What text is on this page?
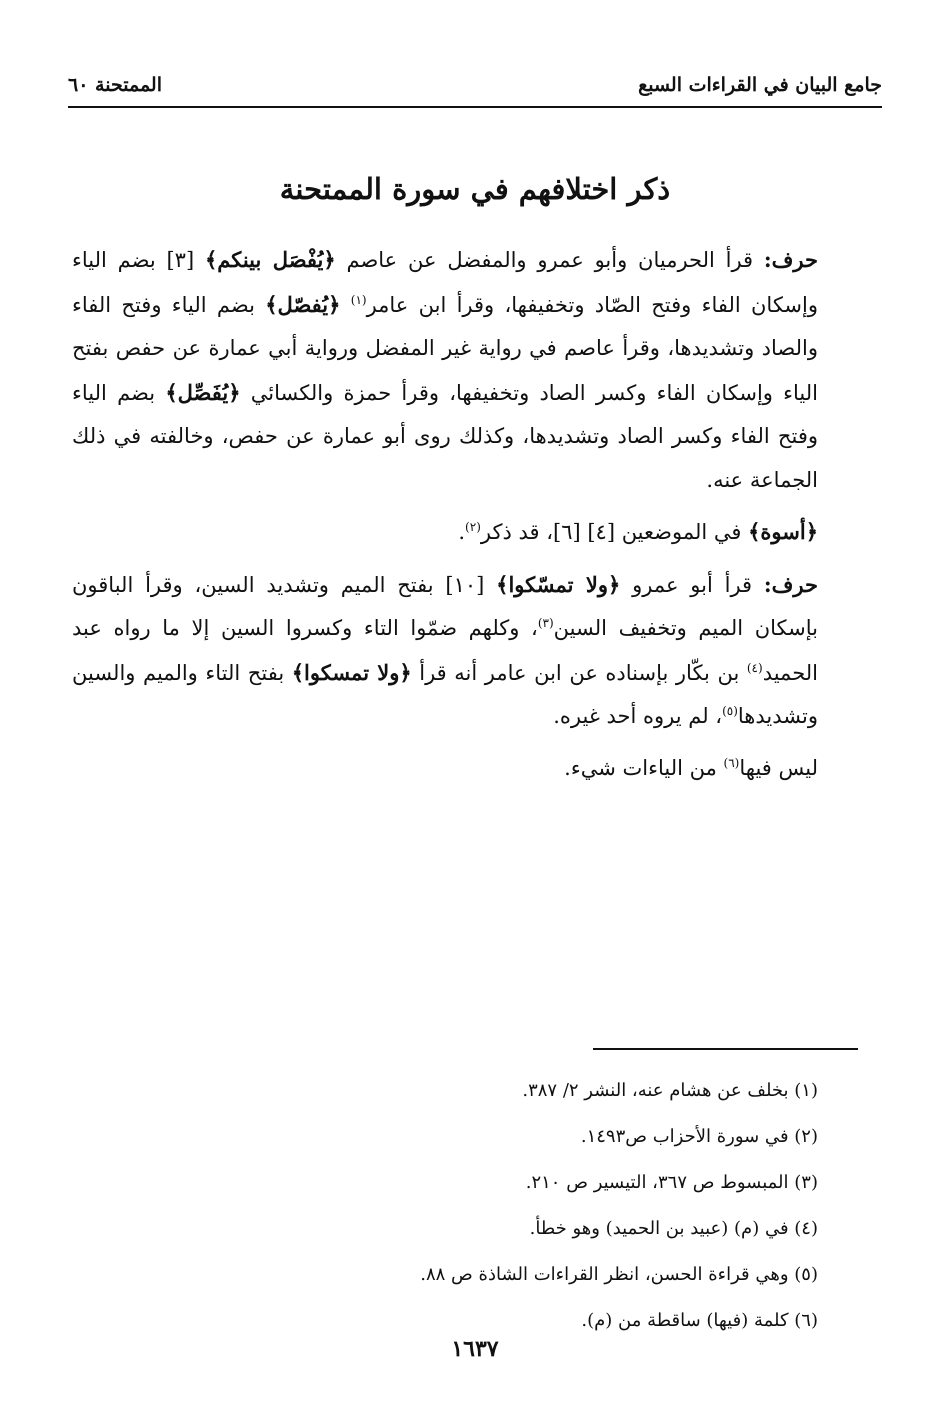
جامع البيان في القراءات السبع
الممتحنة ٦٠
ذكر اختلافهم في سورة الممتحنة

حرف: قرأ الحرميان وأبو عمرو والمفضل عن عاصم ﴿يُفْصَل بينكم﴾ [٣] بضم الياء وإسكان الفاء وفتح الصّاد وتخفيفها، وقرأ ابن عامر$^{(١)}$ ﴿يُفصّل﴾ بضم الياء وفتح الفاء والصاد وتشديدها، وقرأ عاصم في رواية غير المفضل ورواية أبي عمارة عن حفص بفتح الياء وإسكان الفاء وكسر الصاد وتخفيفها، وقرأ حمزة والكسائي ﴿يُفَصِّل﴾ بضم الياء وفتح الفاء وكسر الصاد وتشديدها، وكذلك روى أبو عمارة عن حفص، وخالفته في ذلك الجماعة عنه.

﴿أسوة﴾ في الموضعين [٤] [٦]، قد ذكر$^{(٢)}$.

حرف: قرأ أبو عمرو ﴿ولا تمسّكوا﴾ [١٠] بفتح الميم وتشديد السين، وقرأ الباقون بإسكان الميم وتخفيف السين$^{(٣)}$، وكلهم ضمّوا التاء وكسروا السين إلا ما رواه عبد الحميد$^{(٤)}$ بن بكّار بإسناده عن ابن عامر أنه قرأ ﴿ولا تمسكوا﴾ بفتح التاء والميم والسين وتشديدها$^{(٥)}$، لم يروه أحد غيره.

ليس فيها$^{(٦)}$ من الياءات شيء.

(١) بخلف عن هشام عنه، النشر ٢/ ٣٨٧.
(٢) في سورة الأحزاب ص١٤٩٣.
(٣) المبسوط ص ٣٦٧، التيسير ص ٢١٠.
(٤) في (م) (عبيد بن الحميد) وهو خطأ.
(٥) وهي قراءة الحسن، انظر القراءات الشاذة ص ٨٨.
(٦) كلمة (فيها) ساقطة من (م).
١٦٣٧
